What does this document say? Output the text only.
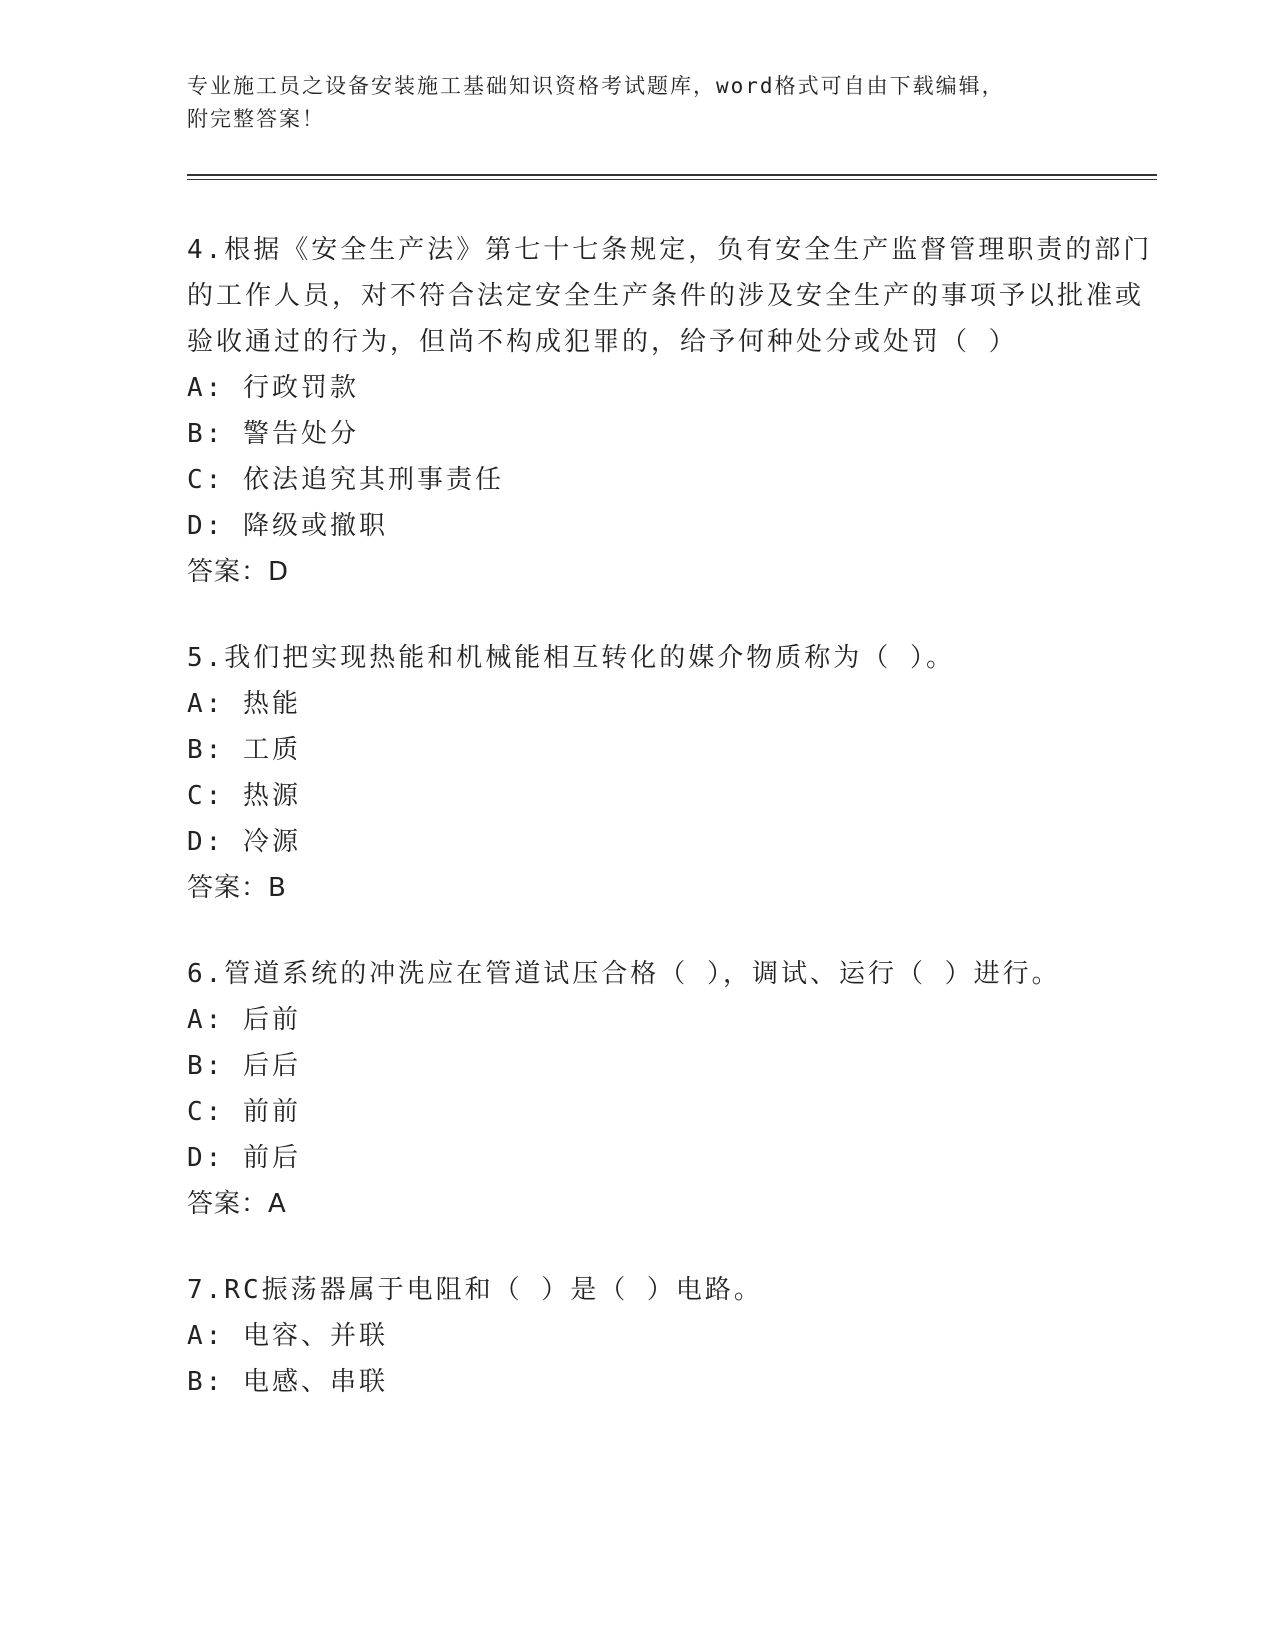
专业施工员之设备安装施工基础知识资格考试题库，word格式可自由下载编辑，
附完整答案！

4.根据《安全生产法》第七十七条规定，负有安全生产监督管理职责的部门的工作人员，对不符合法定安全生产条件的涉及安全生产的事项予以批准或验收通过的行为，但尚不构成犯罪的，给予何种处分或处罚（ ）

A: 行政罚款

B: 警告处分

C: 依法追究其刑事责任

D: 降级或撤职

答案：D

5.我们把实现热能和机械能相互转化的媒介物质称为（ ）。

A: 热能

B: 工质

C: 热源

D: 冷源

答案：B

6.管道系统的冲洗应在管道试压合格（ ），调试、运行（ ）进行。

A: 后前

B: 后后

C: 前前

D: 前后

答案：A

7.RC振荡器属于电阻和（ ）是（ ）电路。

A: 电容、并联

B: 电感、串联
